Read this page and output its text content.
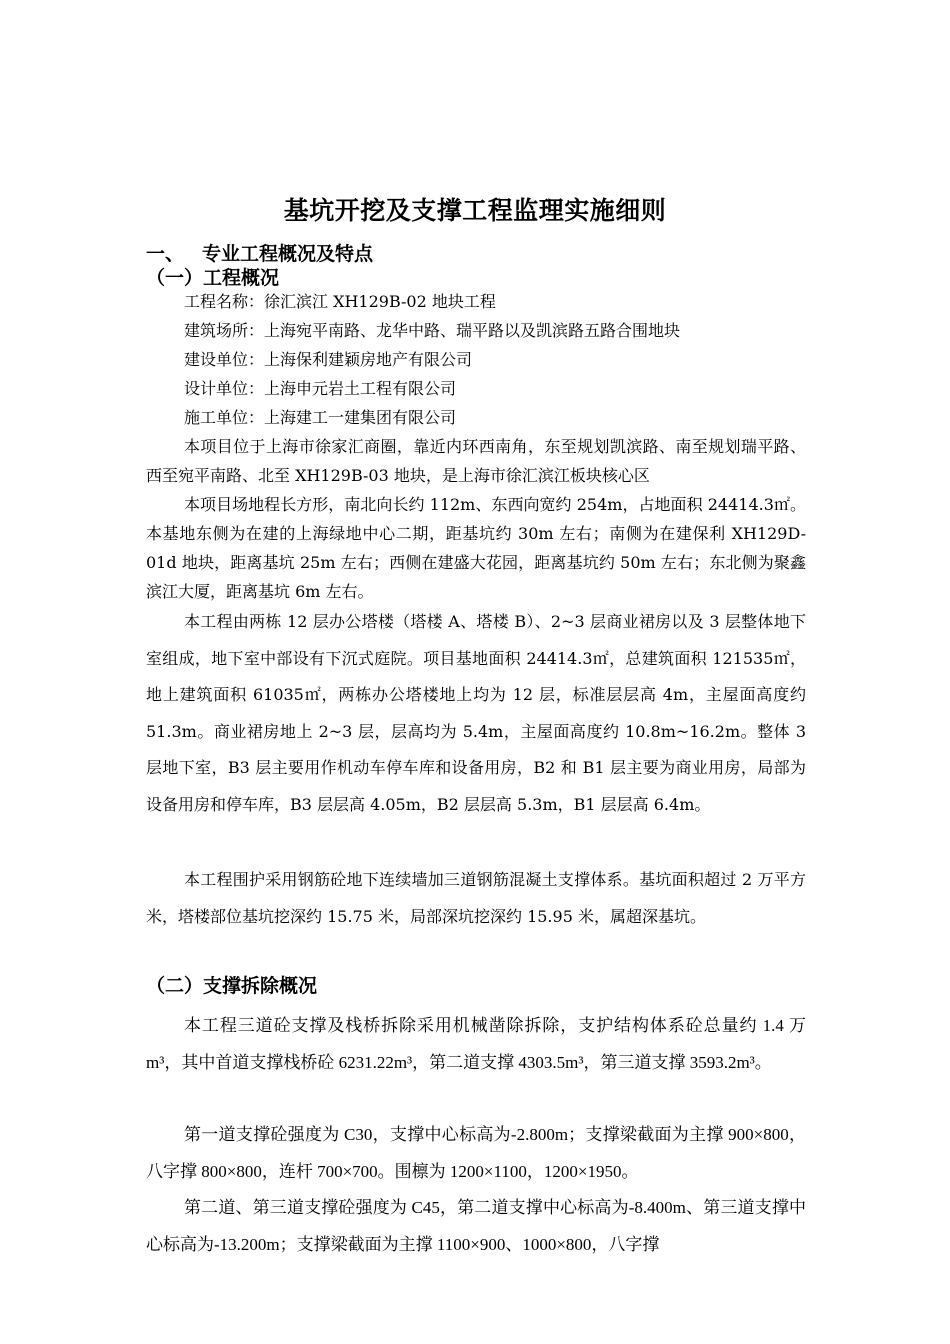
基坑开挖及支撑工程监理实施细则
一、 专业工程概况及特点
（一）工程概况
工程名称：徐汇滨江 XH129B-02 地块工程
建筑场所：上海宛平南路、龙华中路、瑞平路以及凯滨路五路合围地块
建设单位：上海保利建颖房地产有限公司
设计单位：上海申元岩土工程有限公司
施工单位：上海建工一建集团有限公司
本项目位于上海市徐家汇商圈，靠近内环西南角，东至规划凯滨路、南至规划瑞平路、西至宛平南路、北至 XH129B-03 地块，是上海市徐汇滨江板块核心区
本项目场地程长方形，南北向长约 112m、东西向宽约 254m，占地面积 24414.3㎡。本基地东侧为在建的上海绿地中心二期，距基坑约 30m 左右；南侧为在建保利 XH129D-01d 地块，距离基坑 25m 左右；西侧在建盛大花园，距离基坑约 50m 左右；东北侧为聚鑫滨江大厦，距离基坑 6m 左右。
本工程由两栋 12 层办公塔楼（塔楼 A、塔楼 B）、2~3 层商业裙房以及 3 层整体地下室组成，地下室中部设有下沉式庭院。项目基地面积 24414.3㎡，总建筑面积 121535㎡，地上建筑面积 61035㎡，两栋办公塔楼地上均为 12 层，标准层层高 4m，主屋面高度约 51.3m。商业裙房地上 2~3 层，层高均为 5.4m，主屋面高度约 10.8m~16.2m。整体 3 层地下室，B3 层主要用作机动车停车库和设备用房，B2 和 B1 层主要为商业用房，局部为设备用房和停车库，B3 层层高 4.05m，B2 层层高 5.3m，B1 层层高 6.4m。
本工程围护采用钢筋砼地下连续墙加三道钢筋混凝土支撑体系。基坑面积超过 2 万平方米，塔楼部位基坑挖深约 15.75 米，局部深坑挖深约 15.95 米，属超深基坑。
（二）支撑拆除概况
本工程三道砼支撑及栈桥拆除采用机械凿除拆除，支护结构体系砼总量约 1.4 万 m³，其中首道支撑栈桥砼 6231.22m³，第二道支撑 4303.5m³，第三道支撑 3593.2m³。
第一道支撑砼强度为 C30，支撑中心标高为-2.800m；支撑梁截面为主撑 900×800，八字撑 800×800，连杆 700×700。围檩为 1200×1100，1200×1950。
第二道、第三道支撑砼强度为 C45，第二道支撑中心标高为-8.400m、第三道支撑中心标高为-13.200m；支撑梁截面为主撑 1100×900、1000×800，八字撑
